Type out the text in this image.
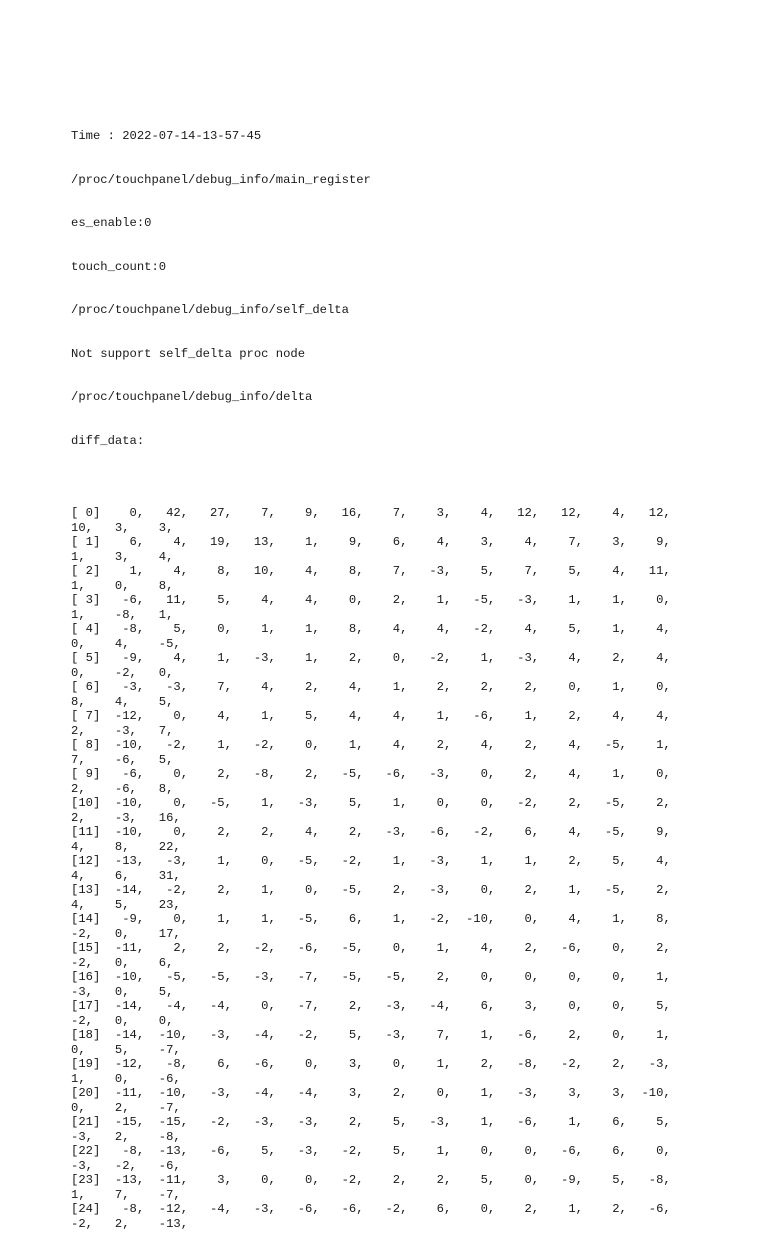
Time : 2022-07-14-13-57-45

/proc/touchpanel/debug_info/main_register

es_enable:0

touch_count:0

/proc/touchpanel/debug_info/self_delta

Not support self_delta proc node

/proc/touchpanel/debug_info/delta

diff_data:

[ 0]    0,   42,   27,    7,    9,   16,    7,    3,    4,   12,   12,    4,   12,
10,   3,    3,
[ 1]    6,    4,   19,   13,    1,    9,    6,    4,    3,    4,    7,    3,    9,
1,    3,    4,
[ 2]    1,    4,    8,   10,    4,    8,    7,   -3,    5,    7,    5,    4,   11,
1,    0,    8,
[ 3]   -6,   11,    5,    4,    4,    0,    2,    1,   -5,   -3,    1,    1,    0,
1,    -8,   1,
[ 4]   -8,    5,    0,    1,    1,    8,    4,    4,   -2,    4,    5,    1,    4,
0,    4,    -5,
[ 5]   -9,    4,    1,   -3,    1,    2,    0,   -2,    1,   -3,    4,    2,    4,
0,    -2,   0,
[ 6]   -3,   -3,    7,    4,    2,    4,    1,    2,    2,    2,    0,    1,    0,
8,    4,    5,
[ 7]  -12,    0,    4,    1,    5,    4,    4,    1,   -6,    1,    2,    4,    4,
2,    -3,   7,
[ 8]  -10,   -2,    1,   -2,    0,    1,    4,    2,    4,    2,    4,   -5,    1,
7,    -6,   5,
[ 9]   -6,    0,    2,   -8,    2,   -5,   -6,   -3,    0,    2,    4,    1,    0,
2,    -6,   8,
[10]  -10,    0,   -5,    1,   -3,    5,    1,    0,    0,   -2,    2,   -5,    2,
2,    -3,   16,
[11]  -10,    0,    2,    2,    4,    2,   -3,   -6,   -2,    6,    4,   -5,    9,
4,    8,    22,
[12]  -13,   -3,    1,    0,   -5,   -2,    1,   -3,    1,    1,    2,    5,    4,
4,    6,    31,
[13]  -14,   -2,    2,    1,    0,   -5,    2,   -3,    0,    2,    1,   -5,    2,
4,    5,    23,
[14]   -9,    0,    1,    1,   -5,    6,    1,   -2,  -10,    0,    4,    1,    8,
-2,   0,    17,
[15]  -11,    2,    2,   -2,   -6,   -5,    0,    1,    4,    2,   -6,    0,    2,
-2,   0,    6,
[16]  -10,   -5,   -5,   -3,   -7,   -5,   -5,    2,    0,    0,    0,    0,    1,
-3,   0,    5,
[17]  -14,   -4,   -4,    0,   -7,    2,   -3,   -4,    6,    3,    0,    0,    5,
-2,   0,    0,
[18]  -14,  -10,   -3,   -4,   -2,    5,   -3,    7,    1,   -6,    2,    0,    1,
0,    5,    -7,
[19]  -12,   -8,    6,   -6,    0,    3,    0,    1,    2,   -8,   -2,    2,   -3,
1,    0,    -6,
[20]  -11,  -10,   -3,   -4,   -4,    3,    2,    0,    1,   -3,    3,    3,  -10,
0,    2,    -7,
[21]  -15,  -15,   -2,   -3,   -3,    2,    5,   -3,    1,   -6,    1,    6,    5,
-3,   2,    -8,
[22]   -8,  -13,   -6,    5,   -3,   -2,    5,    1,    0,    0,   -6,    6,    0,
-3,   -2,   -6,
[23]  -13,  -11,    3,    0,    0,   -2,    2,    2,    5,    0,   -9,    5,   -8,
1,    7,    -7,
[24]   -8,  -12,   -4,   -3,   -6,   -6,   -2,    6,    0,    2,    1,    2,   -6,
-2,   2,    -13,
